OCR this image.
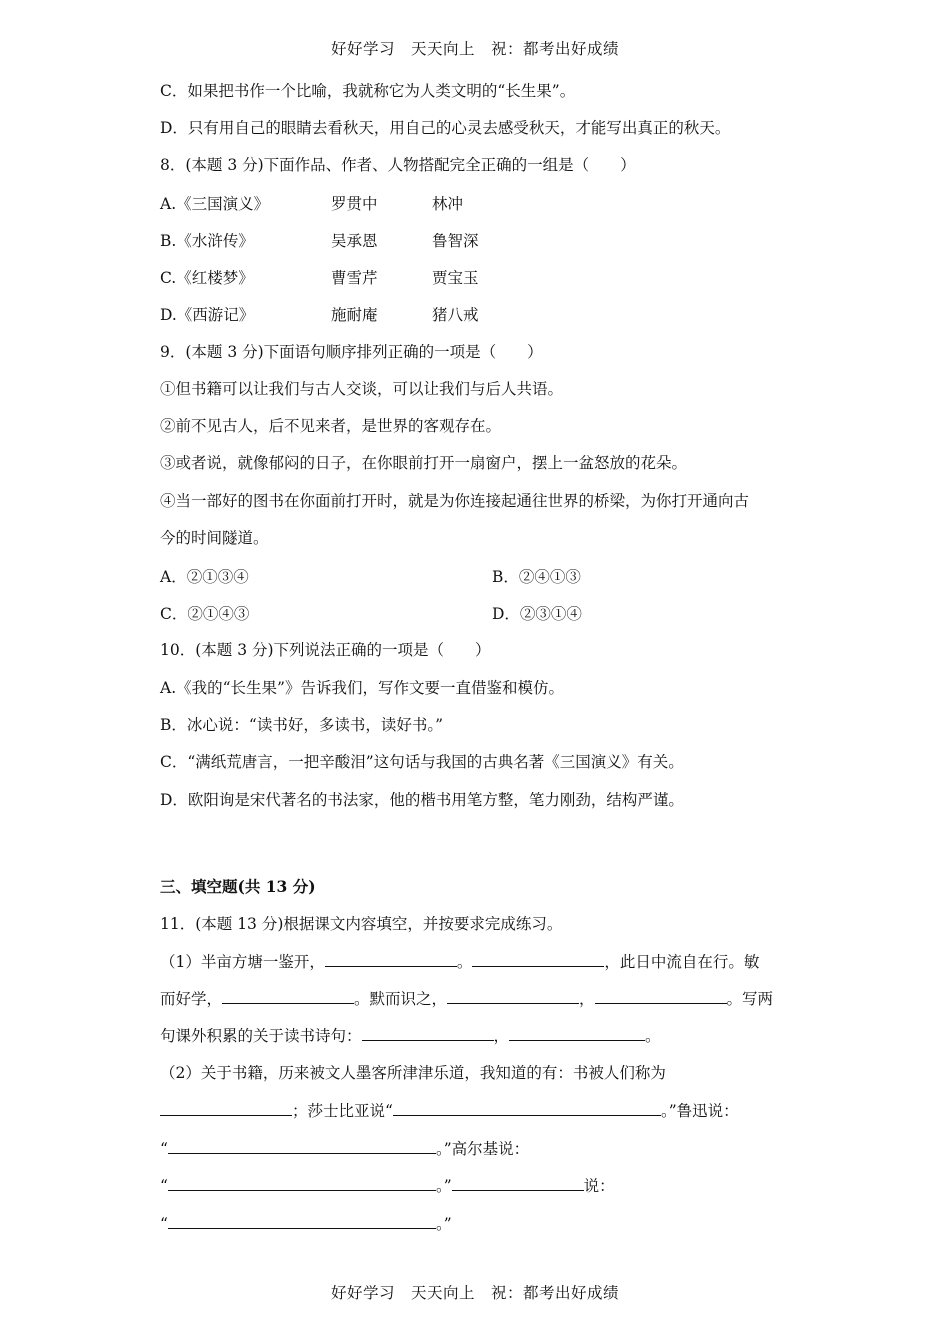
好好学习　天天向上　祝：都考出好成绩
C．如果把书作一个比喻，我就称它为人类文明的“长生果”。
D．只有用自己的眼睛去看秋天，用自己的心灵去感受秋天，才能写出真正的秋天。
8．(本题 3 分)下面作品、作者、人物搭配完全正确的一组是（　　）
A.《三国演义》	罗贯中	林冲
B.《水浒传》	吴承恩	鲁智深
C.《红楼梦》	曹雪芹	贾宝玉
D.《西游记》	施耐庵	猪八戒
9．(本题 3 分)下面语句顺序排列正确的一项是（　　）
①但书籍可以让我们与古人交谈，可以让我们与后人共语。
②前不见古人，后不见来者，是世界的客观存在。
③或者说，就像郁闷的日子，在你眼前打开一扇窗户，摆上一盆怒放的花朵。
④当一部好的图书在你面前打开时，就是为你连接起通往世界的桥梁，为你打开通向古
今的时间隧道。
A．②①③④	B．②④①③
C．②①④③	D．②③①④
10．(本题 3 分)下列说法正确的一项是（　　）
A.《我的“长生果”》告诉我们，写作文要一直借鉴和模仿。
B．冰心说：“读书好，多读书，读好书。”
C．“满纸荒唐言，一把辛酸泪”这句话与我国的古典名著《三国演义》有关。
D．欧阳询是宋代著名的书法家，他的楷书用笔方整，笔力刚劲，结构严谨。
三、填空题(共 13 分)
11．(本题 13 分)根据课文内容填空，并按要求完成练习。
（1）半亩方塘一鉴开，	。	，此日中流自在行。敏
而好学，	。默而识之，	，	。写两
句课外积累的关于读书诗句：	，	。
（2）关于书籍，历来被文人墨客所津津乐道，我知道的有：书被人们称为
；莎士比亚说“	。”鲁迅说：
“	。”高尔基说：
“	。”	说：
“	。”
好好学习　天天向上　祝：都考出好成绩
